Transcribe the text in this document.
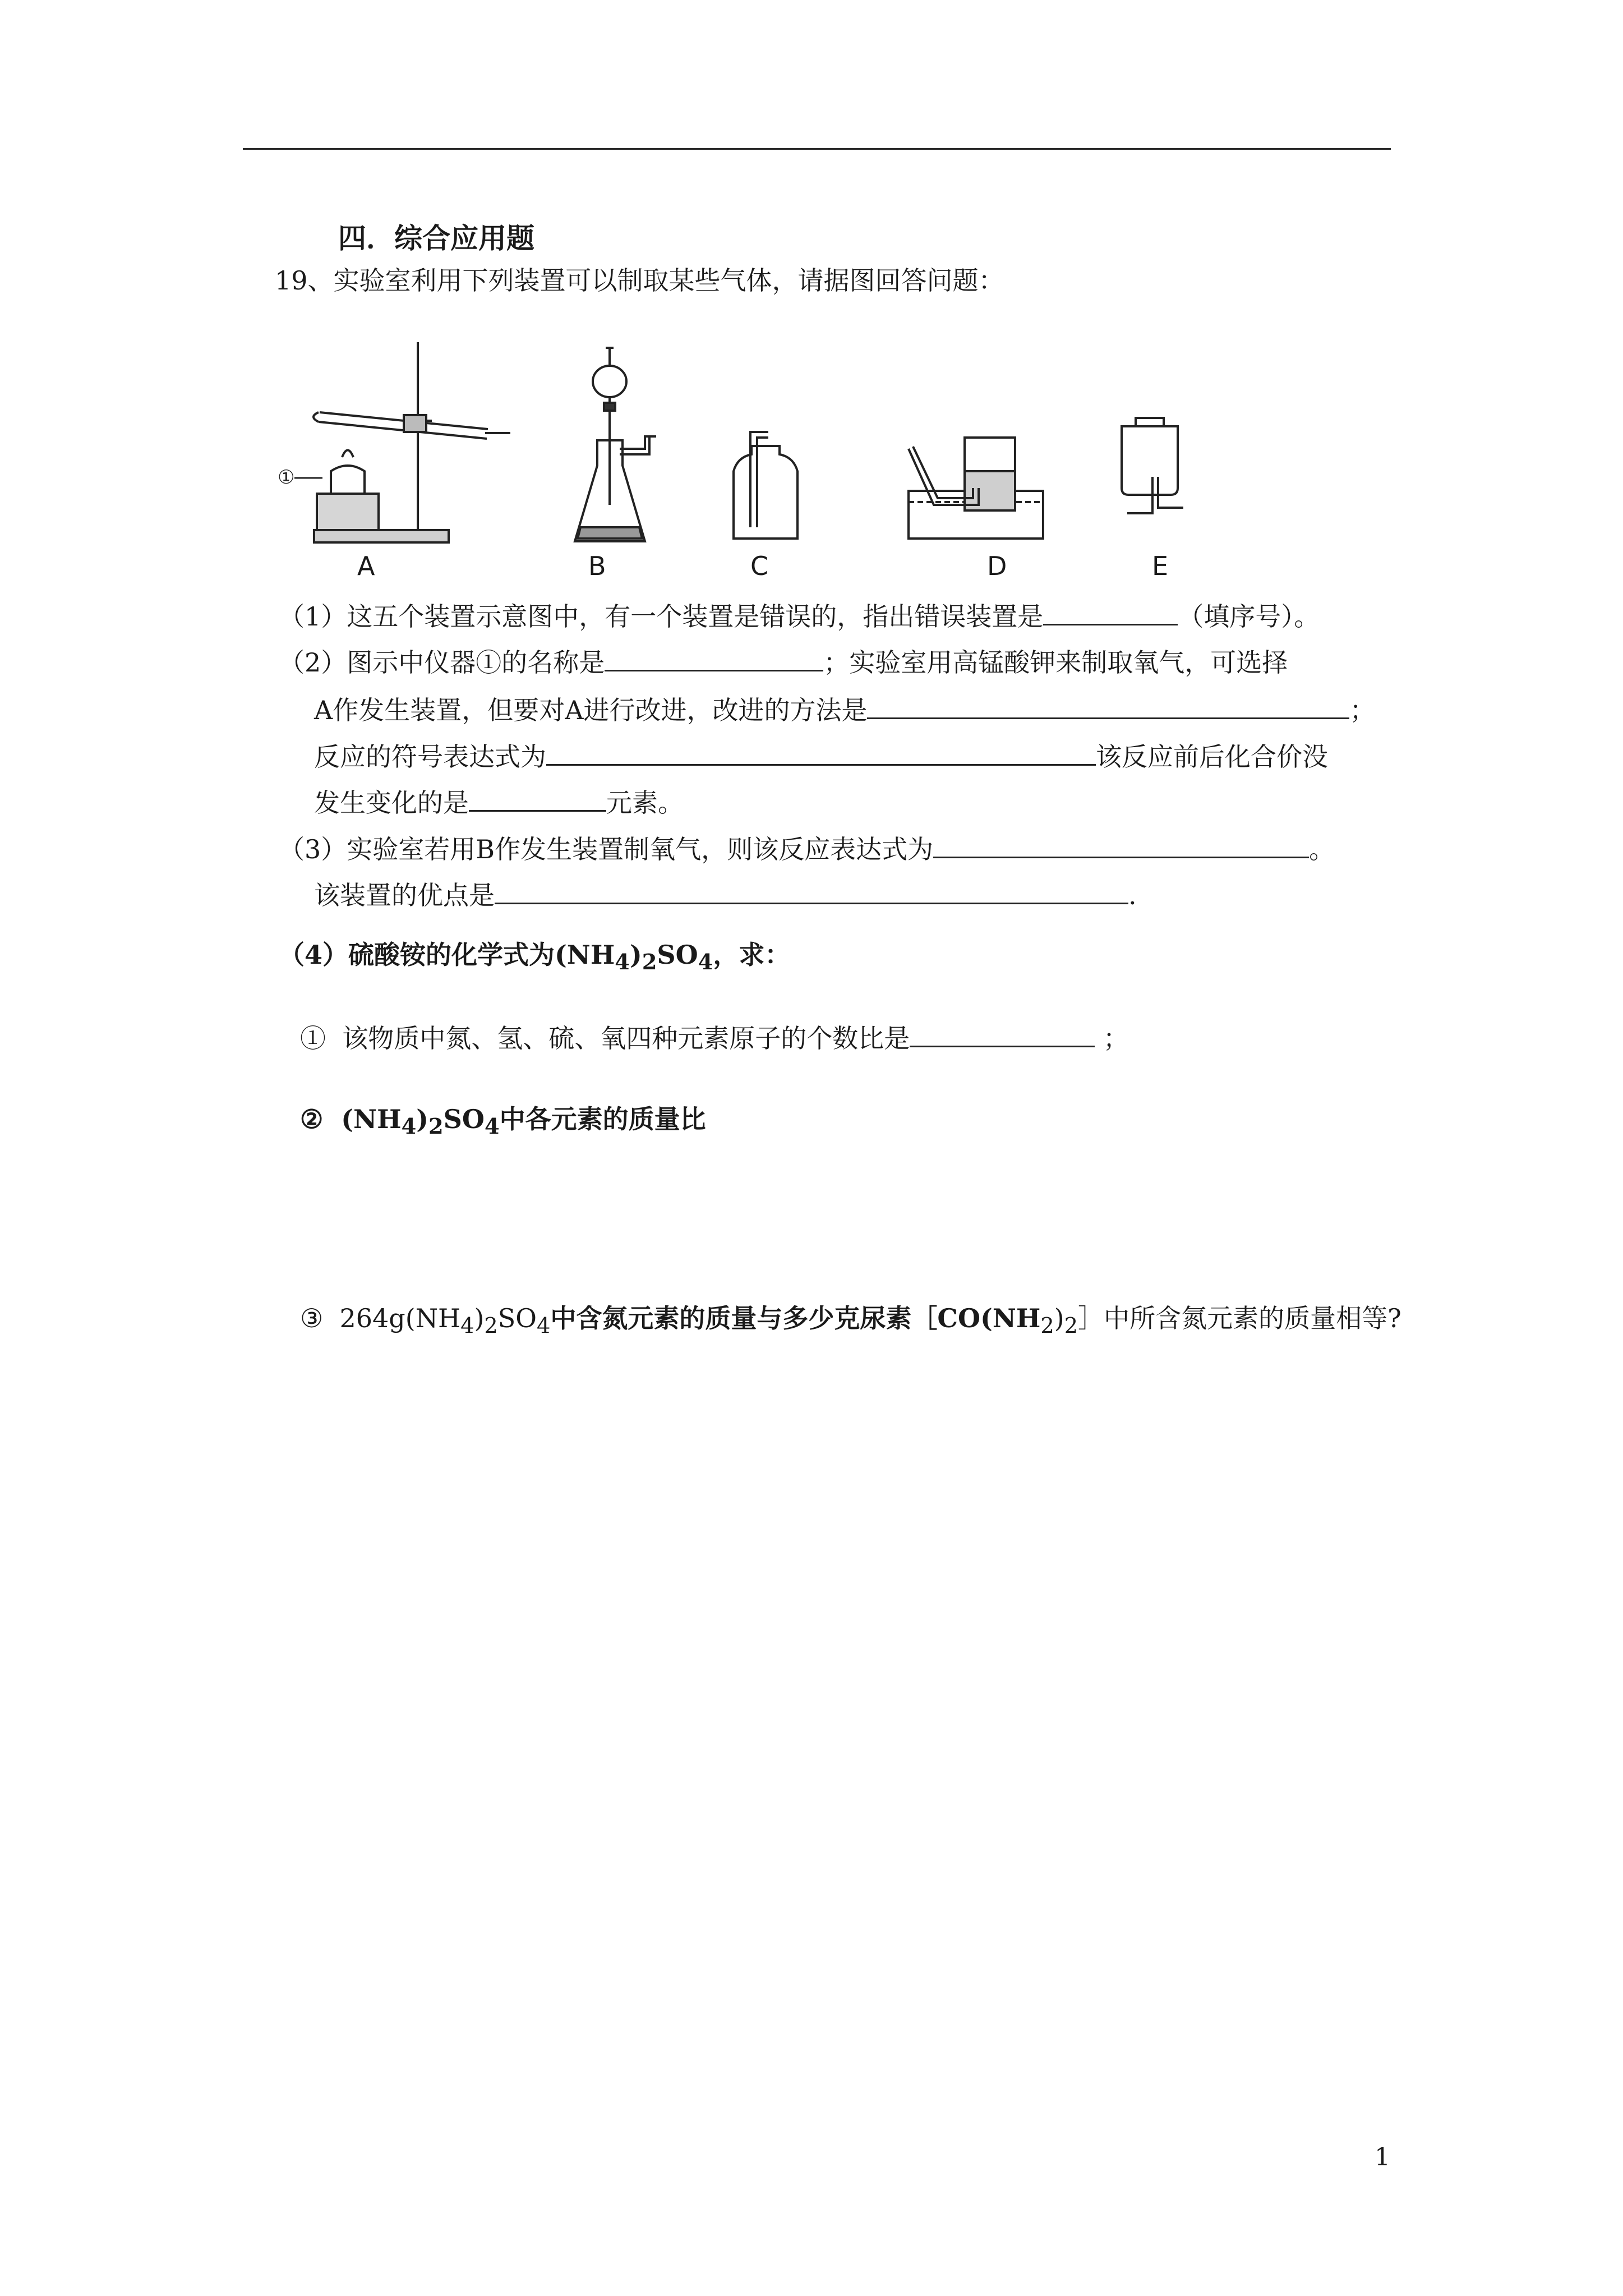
四．综合应用题
19、实验室利用下列装置可以制取某些气体，请据图回答问题：
①
A	B	C	D	E
（1）这五个装置示意图中，有一个装置是错误的，指出错误装置是	（填序号）。
（2）图示中仪器①的名称是	；实验室用高锰酸钾来制取氧气，可选择
A作发生装置，但要对A进行改进，改进的方法是	；
反应的符号表达式为	该反应前后化合价没
发生变化的是	元素。
（3）实验室若用B作发生装置制氧气，则该反应表达式为	。
该装置的优点是	.
（4）硫酸铵的化学式为$(NH_4)_2SO_4$，求：
① 该物质中氮、氢、硫、氧四种元素原子的个数比是	；
② $(NH_4)_2SO_4$中各元素的质量比
③ $264g(NH_4)_2SO_4$中含氮元素的质量与多少克尿素$[CO(NH_2)_2]$中所含氮元素的质量相等?
1
